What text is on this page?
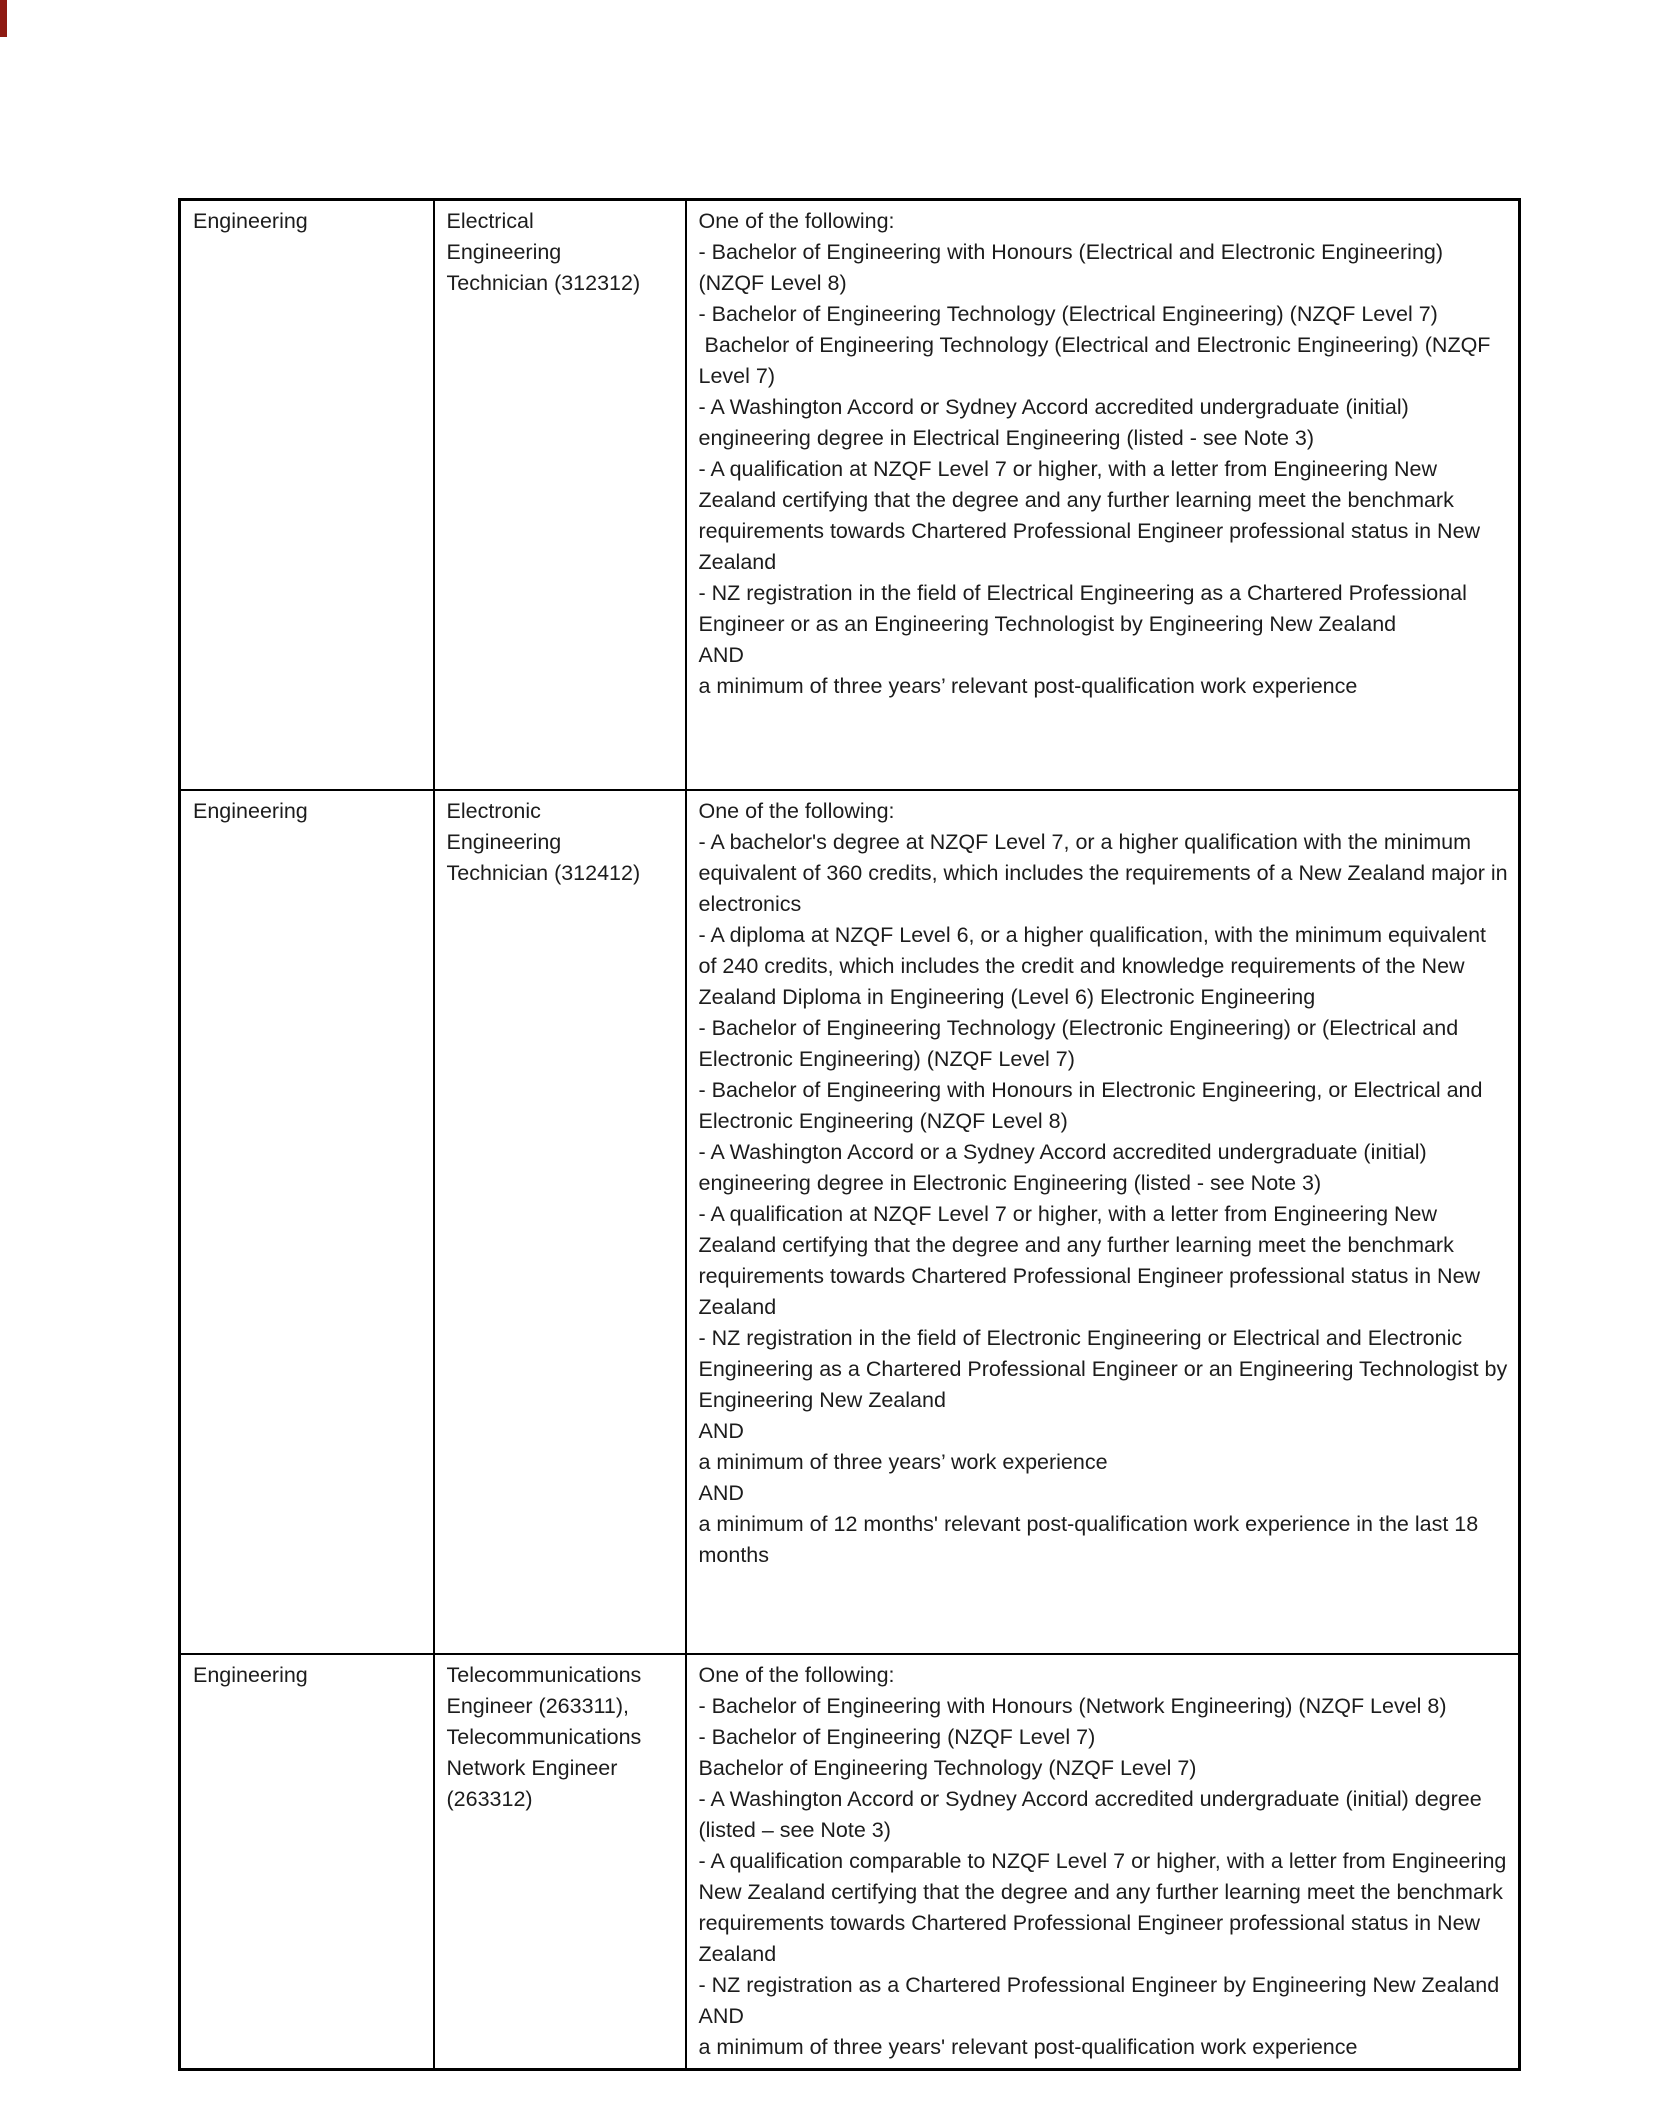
Engineering	Electrical Engineering Technician (312312)

One of the following:
- Bachelor of Engineering with Honours (Electrical and Electronic Engineering) (NZQF Level 8)
- Bachelor of Engineering Technology (Electrical Engineering) (NZQF Level 7)
Bachelor of Engineering Technology (Electrical and Electronic Engineering) (NZQF Level 7)
- A Washington Accord or Sydney Accord accredited undergraduate (initial) engineering degree in Electrical Engineering (listed - see Note 3)
- A qualification at NZQF Level 7 or higher, with a letter from Engineering New Zealand certifying that the degree and any further learning meet the benchmark requirements towards Chartered Professional Engineer professional status in New Zealand
- NZ registration in the field of Electrical Engineering as a Chartered Professional Engineer or as an Engineering Technologist by Engineering New Zealand
AND
a minimum of three years’ relevant post-qualification work experience

Engineering	Electronic Engineering Technician (312412)

One of the following:
- A bachelor's degree at NZQF Level 7, or a higher qualification with the minimum equivalent of 360 credits, which includes the requirements of a New Zealand major in electronics
- A diploma at NZQF Level 6, or a higher qualification, with the minimum equivalent of 240 credits, which includes the credit and knowledge requirements of the New Zealand Diploma in Engineering (Level 6) Electronic Engineering
- Bachelor of Engineering Technology (Electronic Engineering) or (Electrical and Electronic Engineering) (NZQF Level 7)
- Bachelor of Engineering with Honours in Electronic Engineering, or Electrical and Electronic Engineering (NZQF Level 8)
- A Washington Accord or a Sydney Accord accredited undergraduate (initial) engineering degree in Electronic Engineering (listed - see Note 3)
- A qualification at NZQF Level 7 or higher, with a letter from Engineering New Zealand certifying that the degree and any further learning meet the benchmark requirements towards Chartered Professional Engineer professional status in New Zealand
- NZ registration in the field of Electronic Engineering or Electrical and Electronic Engineering as a Chartered Professional Engineer or an Engineering Technologist by Engineering New Zealand
AND
a minimum of three years’ work experience
AND
a minimum of 12 months' relevant post-qualification work experience in the last 18 months

Engineering	Telecommunications Engineer (263311), Telecommunications Network Engineer (263312)

One of the following:
- Bachelor of Engineering with Honours (Network Engineering) (NZQF Level 8)
- Bachelor of Engineering (NZQF Level 7)
Bachelor of Engineering Technology (NZQF Level 7)
- A Washington Accord or Sydney Accord accredited undergraduate (initial) degree (listed – see Note 3)
- A qualification comparable to NZQF Level 7 or higher, with a letter from Engineering New Zealand certifying that the degree and any further learning meet the benchmark requirements towards Chartered Professional Engineer professional status in New Zealand
- NZ registration as a Chartered Professional Engineer by Engineering New Zealand
AND
a minimum of three years' relevant post-qualification work experience
